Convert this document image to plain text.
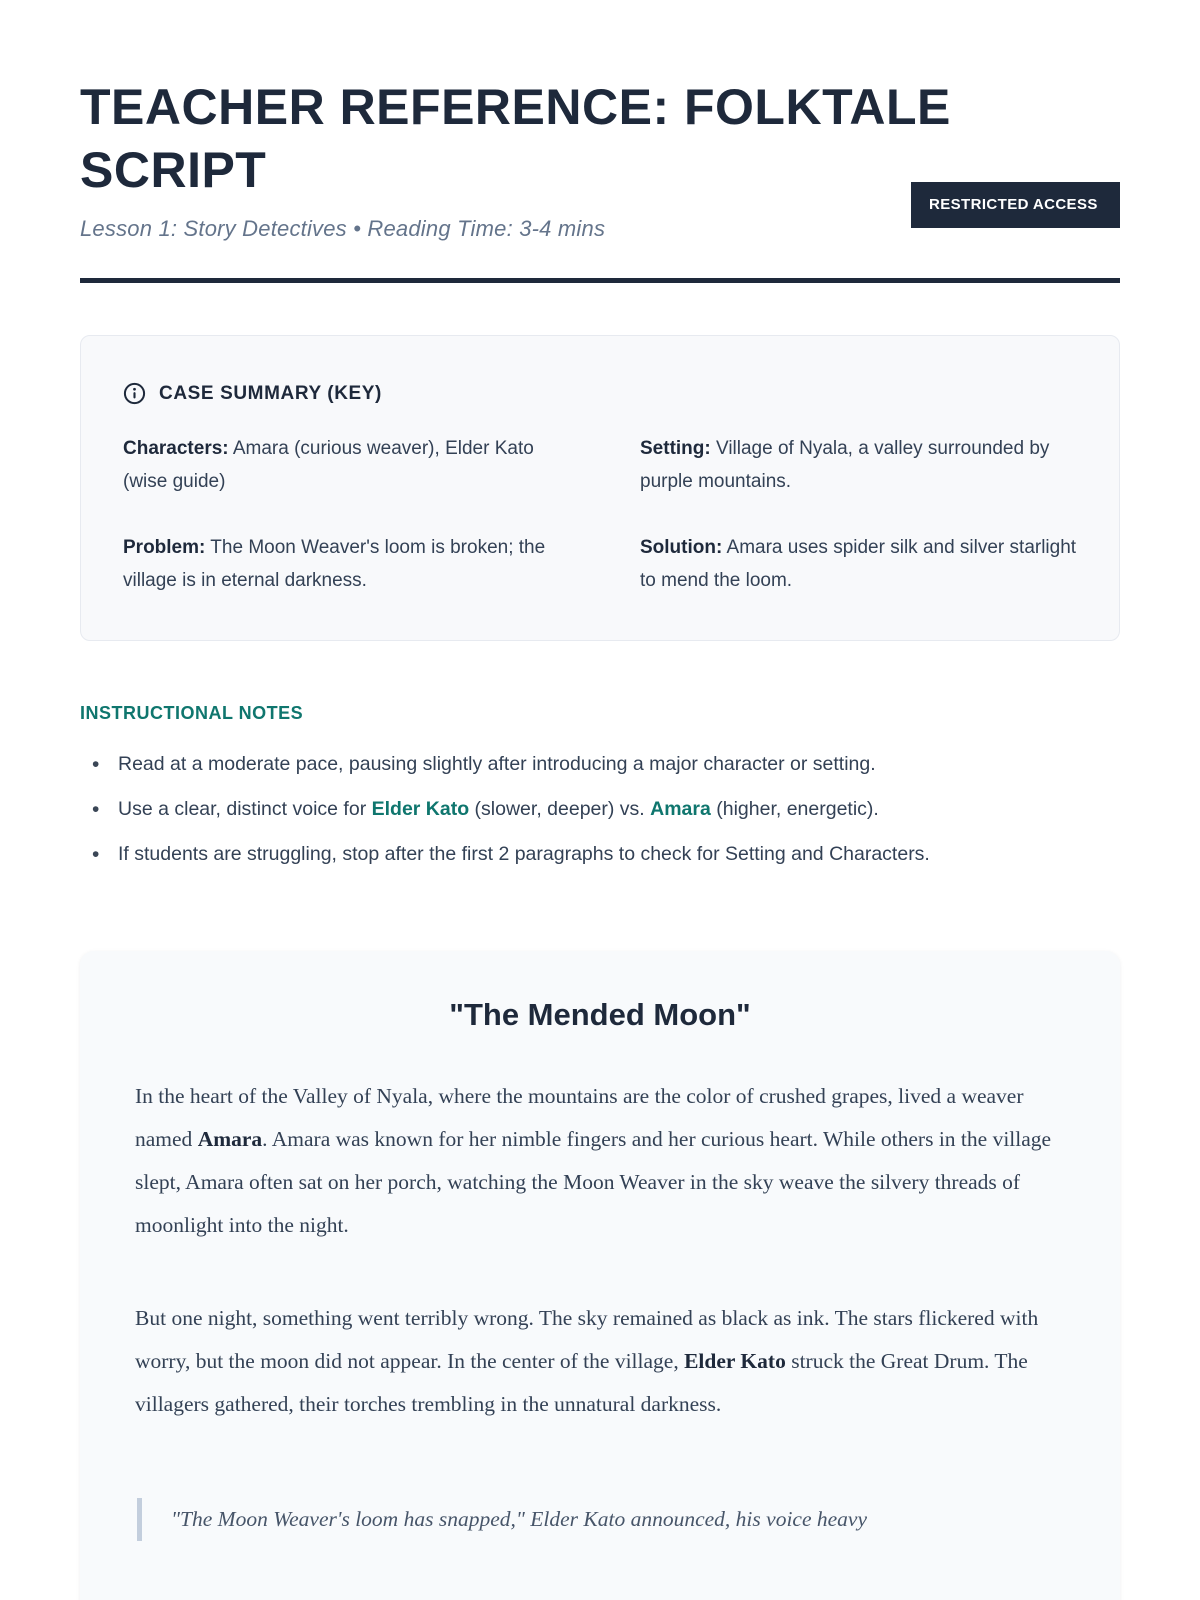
TEACHER REFERENCE: FOLKTALE SCRIPT
Lesson 1: Story Detectives • Reading Time: 3-4 mins
RESTRICTED ACCESS
CASE SUMMARY (KEY)

Characters: Amara (curious weaver), Elder Kato (wise guide)

Setting: Village of Nyala, a valley surrounded by purple mountains.

Problem: The Moon Weaver's loom is broken; the village is in eternal darkness.

Solution: Amara uses spider silk and silver starlight to mend the loom.

INSTRUCTIONAL NOTES
• Read at a moderate pace, pausing slightly after introducing a major character or setting.
• Use a clear, distinct voice for Elder Kato (slower, deeper) vs. Amara (higher, energetic).
• If students are struggling, stop after the first 2 paragraphs to check for Setting and Characters.
"The Mended Moon"

In the heart of the Valley of Nyala, where the mountains are the color of crushed grapes, lived a weaver named Amara. Amara was known for her nimble fingers and her curious heart. While others in the village slept, Amara often sat on her porch, watching the Moon Weaver in the sky weave the silvery threads of moonlight into the night.

But one night, something went terribly wrong. The sky remained as black as ink. The stars flickered with worry, but the moon did not appear. In the center of the village, Elder Kato struck the Great Drum. The villagers gathered, their torches trembling in the unnatural darkness.

"The Moon Weaver's loom has snapped," Elder Kato announced, his voice heavy
